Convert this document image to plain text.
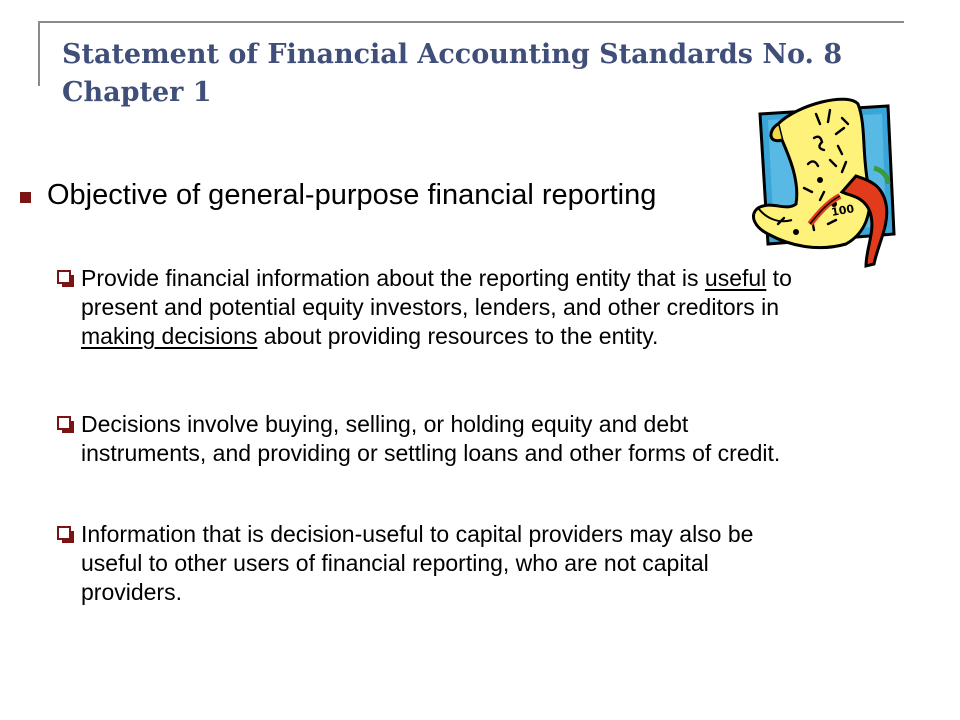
Statement of Financial Accounting Standards No. 8
Chapter 1
Objective of general-purpose financial reporting
Provide financial information about the reporting entity that is useful to present and potential equity investors, lenders, and other creditors in making decisions about providing resources to the entity.
Decisions involve buying, selling, or holding equity and debt instruments, and providing or settling loans and other forms of credit.
Information that is decision-useful to capital providers may also be useful to other users of financial reporting, who are not capital providers.
100
